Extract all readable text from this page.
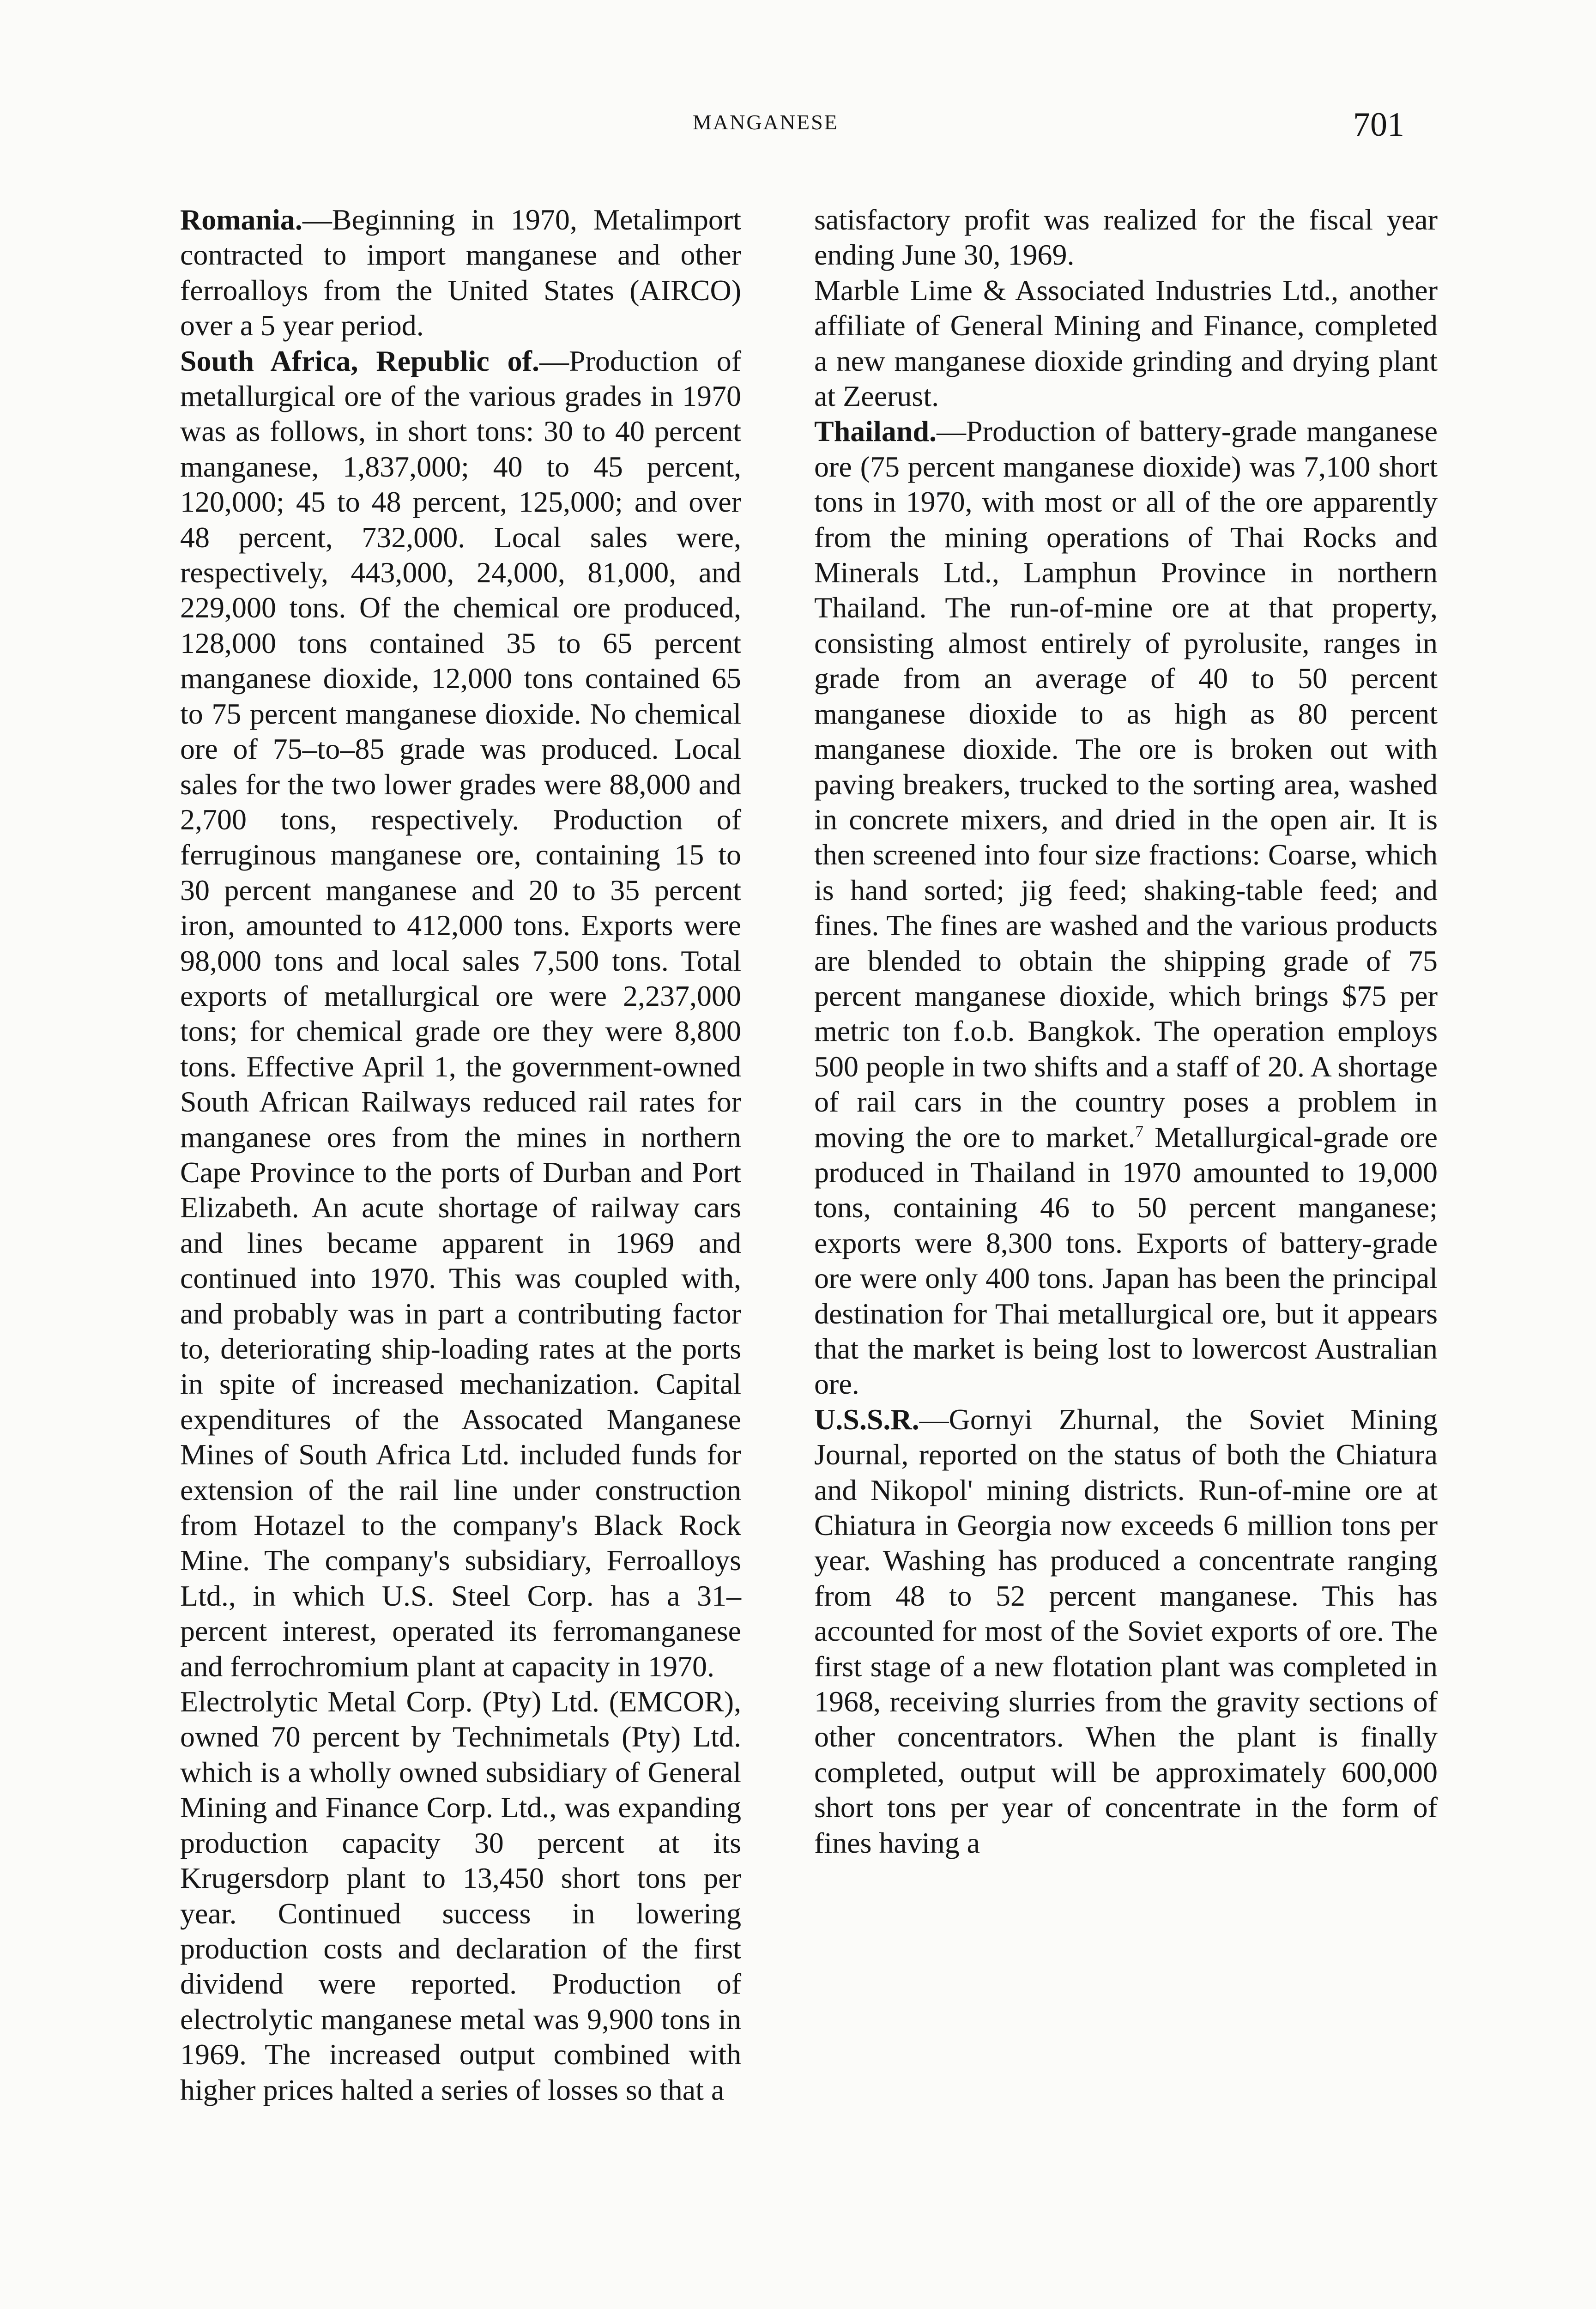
MANGANESE	701

Romania.—Beginning in 1970, Metalimport contracted to import manganese and other ferroalloys from the United States (AIRCO) over a 5 year period.

South Africa, Republic of.—Production of metallurgical ore of the various grades in 1970 was as follows, in short tons: 30 to 40 percent manganese, 1,837,000; 40 to 45 percent, 120,000; 45 to 48 percent, 125,000; and over 48 percent, 732,000. Local sales were, respectively, 443,000, 24,000, 81,000, and 229,000 tons. Of the chemical ore produced, 128,000 tons contained 35 to 65 percent manganese dioxide, 12,000 tons contained 65 to 75 percent manganese dioxide. No chemical ore of 75–to–85 grade was produced. Local sales for the two lower grades were 88,000 and 2,700 tons, respectively. Production of ferruginous manganese ore, containing 15 to 30 percent manganese and 20 to 35 percent iron, amounted to 412,000 tons. Exports were 98,000 tons and local sales 7,500 tons. Total exports of metallurgical ore were 2,237,000 tons; for chemical grade ore they were 8,800 tons. Effective April 1, the government-owned South African Railways reduced rail rates for manganese ores from the mines in northern Cape Province to the ports of Durban and Port Elizabeth. An acute shortage of railway cars and lines became apparent in 1969 and continued into 1970. This was coupled with, and probably was in part a contributing factor to, deteriorating ship-loading rates at the ports in spite of increased mechanization. Capital expenditures of the Assocated Manganese Mines of South Africa Ltd. included funds for extension of the rail line under construction from Hotazel to the company's Black Rock Mine. The company's subsidiary, Ferroalloys Ltd., in which U.S. Steel Corp. has a 31–percent interest, operated its ferromanganese and ferrochromium plant at capacity in 1970.

Electrolytic Metal Corp. (Pty) Ltd. (EMCOR), owned 70 percent by Technimetals (Pty) Ltd. which is a wholly owned subsidiary of General Mining and Finance Corp. Ltd., was expanding production capacity 30 percent at its Krugersdorp plant to 13,450 short tons per year. Continued success in lowering production costs and declaration of the first dividend were reported. Production of electrolytic manganese metal was 9,900 tons in 1969. The increased output combined with higher prices halted a series of losses so that a

satisfactory profit was realized for the fiscal year ending June 30, 1969.

Marble Lime & Associated Industries Ltd., another affiliate of General Mining and Finance, completed a new manganese dioxide grinding and drying plant at Zeerust.

Thailand.—Production of battery-grade manganese ore (75 percent manganese dioxide) was 7,100 short tons in 1970, with most or all of the ore apparently from the mining operations of Thai Rocks and Minerals Ltd., Lamphun Province in northern Thailand. The run-of-mine ore at that property, consisting almost entirely of pyrolusite, ranges in grade from an average of 40 to 50 percent manganese dioxide to as high as 80 percent manganese dioxide. The ore is broken out with paving breakers, trucked to the sorting area, washed in concrete mixers, and dried in the open air. It is then screened into four size fractions: Coarse, which is hand sorted; jig feed; shaking-table feed; and fines. The fines are washed and the various products are blended to obtain the shipping grade of 75 percent manganese dioxide, which brings $75 per metric ton f.o.b. Bangkok. The operation employs 500 people in two shifts and a staff of 20. A shortage of rail cars in the country poses a problem in moving the ore to market.$^7$ Metallurgical-grade ore produced in Thailand in 1970 amounted to 19,000 tons, containing 46 to 50 percent manganese; exports were 8,300 tons. Exports of battery-grade ore were only 400 tons. Japan has been the principal destination for Thai metallurgical ore, but it appears that the market is being lost to lowercost Australian ore.

U.S.S.R.—Gornyi Zhurnal, the Soviet Mining Journal, reported on the status of both the Chiatura and Nikopol' mining districts. Run-of-mine ore at Chiatura in Georgia now exceeds 6 million tons per year. Washing has produced a concentrate ranging from 48 to 52 percent manganese. This has accounted for most of the Soviet exports of ore. The first stage of a new flotation plant was completed in 1968, receiving slurries from the gravity sections of other concentrators. When the plant is finally completed, output will be approximately 600,000 short tons per year of concentrate in the form of fines having a
